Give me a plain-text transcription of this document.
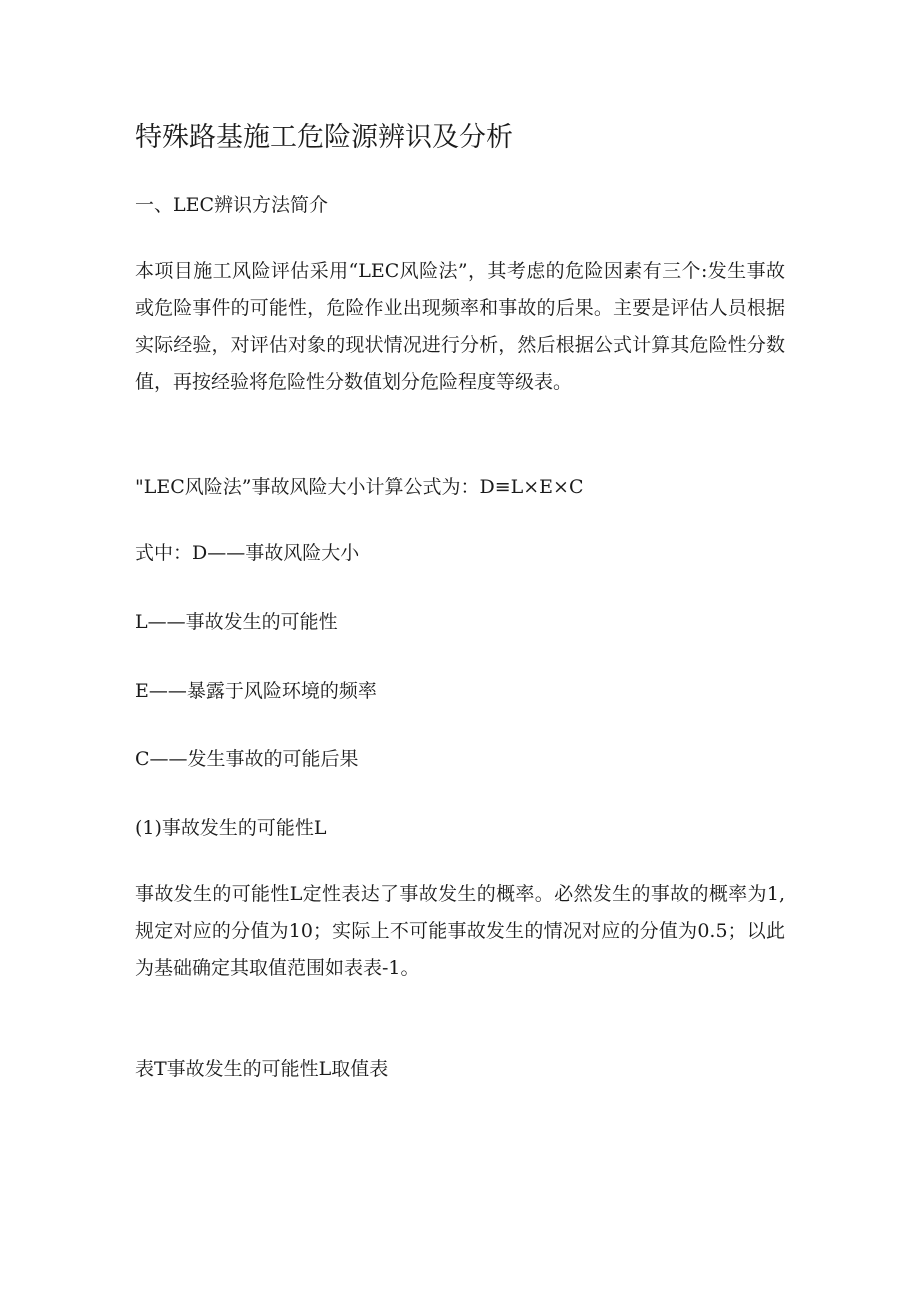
特殊路基施工危险源辨识及分析

一、LEC辨识方法简介

本项目施工风险评估采用“LEC风险法”，其考虑的危险因素有三个:发生事故或危险事件的可能性，危险作业出现频率和事故的后果。主要是评估人员根据实际经验，对评估对象的现状情况进行分析，然后根据公式计算其危险性分数值，再按经验将危险性分数值划分危险程度等级表。

"LEC风险法”事故风险大小计算公式为：D≡L×E×C

式中：D——事故风险大小

L——事故发生的可能性

E——暴露于风险环境的频率

C——发生事故的可能后果

(1)事故发生的可能性L

事故发生的可能性L定性表达了事故发生的概率。必然发生的事故的概率为1,规定对应的分值为10；实际上不可能事故发生的情况对应的分值为0.5；以此为基础确定其取值范围如表表-1。

表T事故发生的可能性L取值表
